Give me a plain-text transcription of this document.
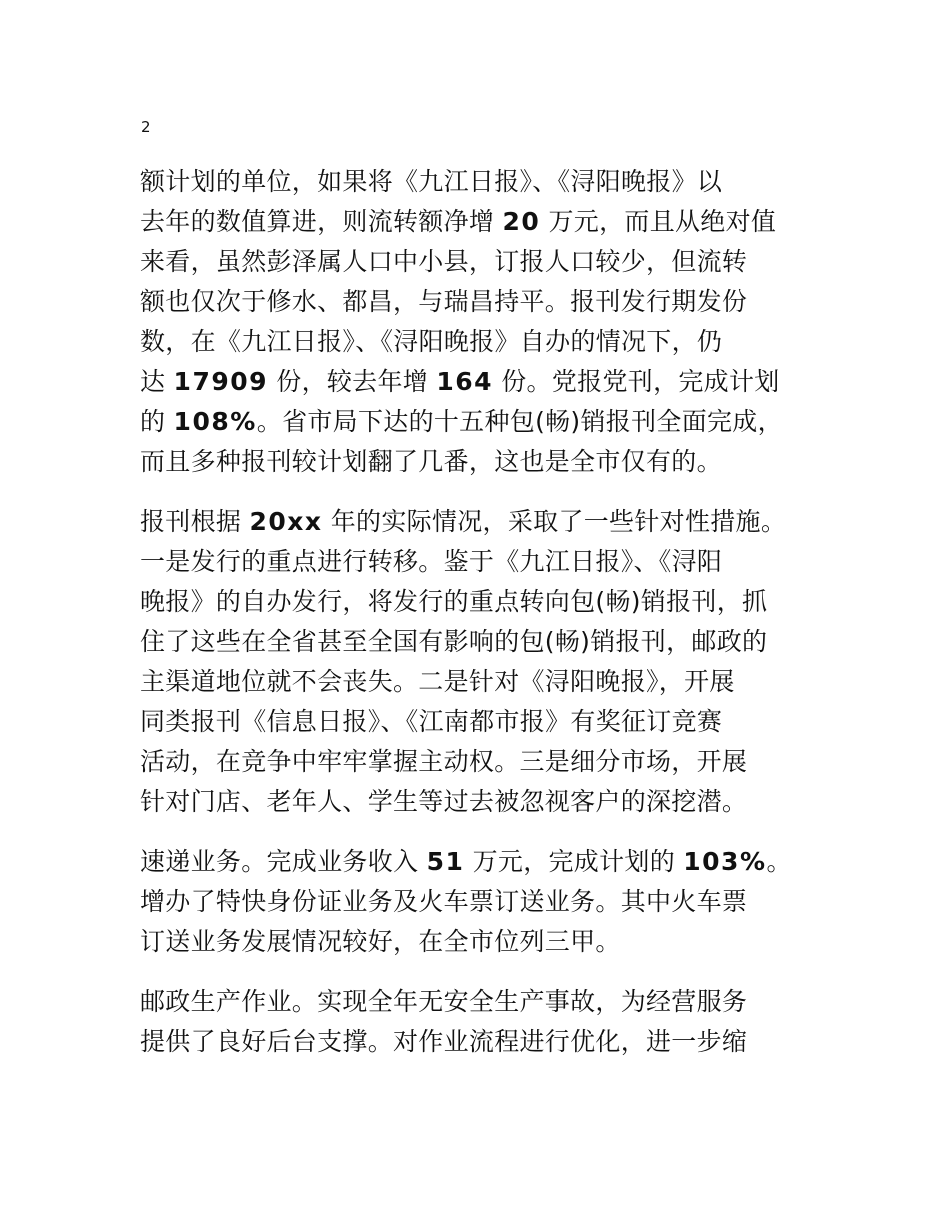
2
额计划的单位，如果将《九江日报》、《浔阳晚报》以
去年的数值算进，则流转额净增 20 万元，而且从绝对值
来看，虽然彭泽属人口中小县，订报人口较少，但流转
额也仅次于修水、都昌，与瑞昌持平。报刊发行期发份
数，在《九江日报》、《浔阳晚报》自办的情况下，仍
达 17909 份，较去年增 164 份。党报党刊，完成计划
的 108%。省市局下达的十五种包(畅)销报刊全面完成，
而且多种报刊较计划翻了几番，这也是全市仅有的。
报刊根据 20xx 年的实际情况，采取了一些针对性措施。
一是发行的重点进行转移。鉴于《九江日报》、《浔阳
晚报》的自办发行，将发行的重点转向包(畅)销报刊，抓
住了这些在全省甚至全国有影响的包(畅)销报刊，邮政的
主渠道地位就不会丧失。二是针对《浔阳晚报》，开展
同类报刊《信息日报》、《江南都市报》有奖征订竞赛
活动，在竞争中牢牢掌握主动权。三是细分市场，开展
针对门店、老年人、学生等过去被忽视客户的深挖潜。
速递业务。完成业务收入 51 万元，完成计划的 103%。
增办了特快身份证业务及火车票订送业务。其中火车票
订送业务发展情况较好，在全市位列三甲。
邮政生产作业。实现全年无安全生产事故，为经营服务
提供了良好后台支撑。对作业流程进行优化，进一步缩
